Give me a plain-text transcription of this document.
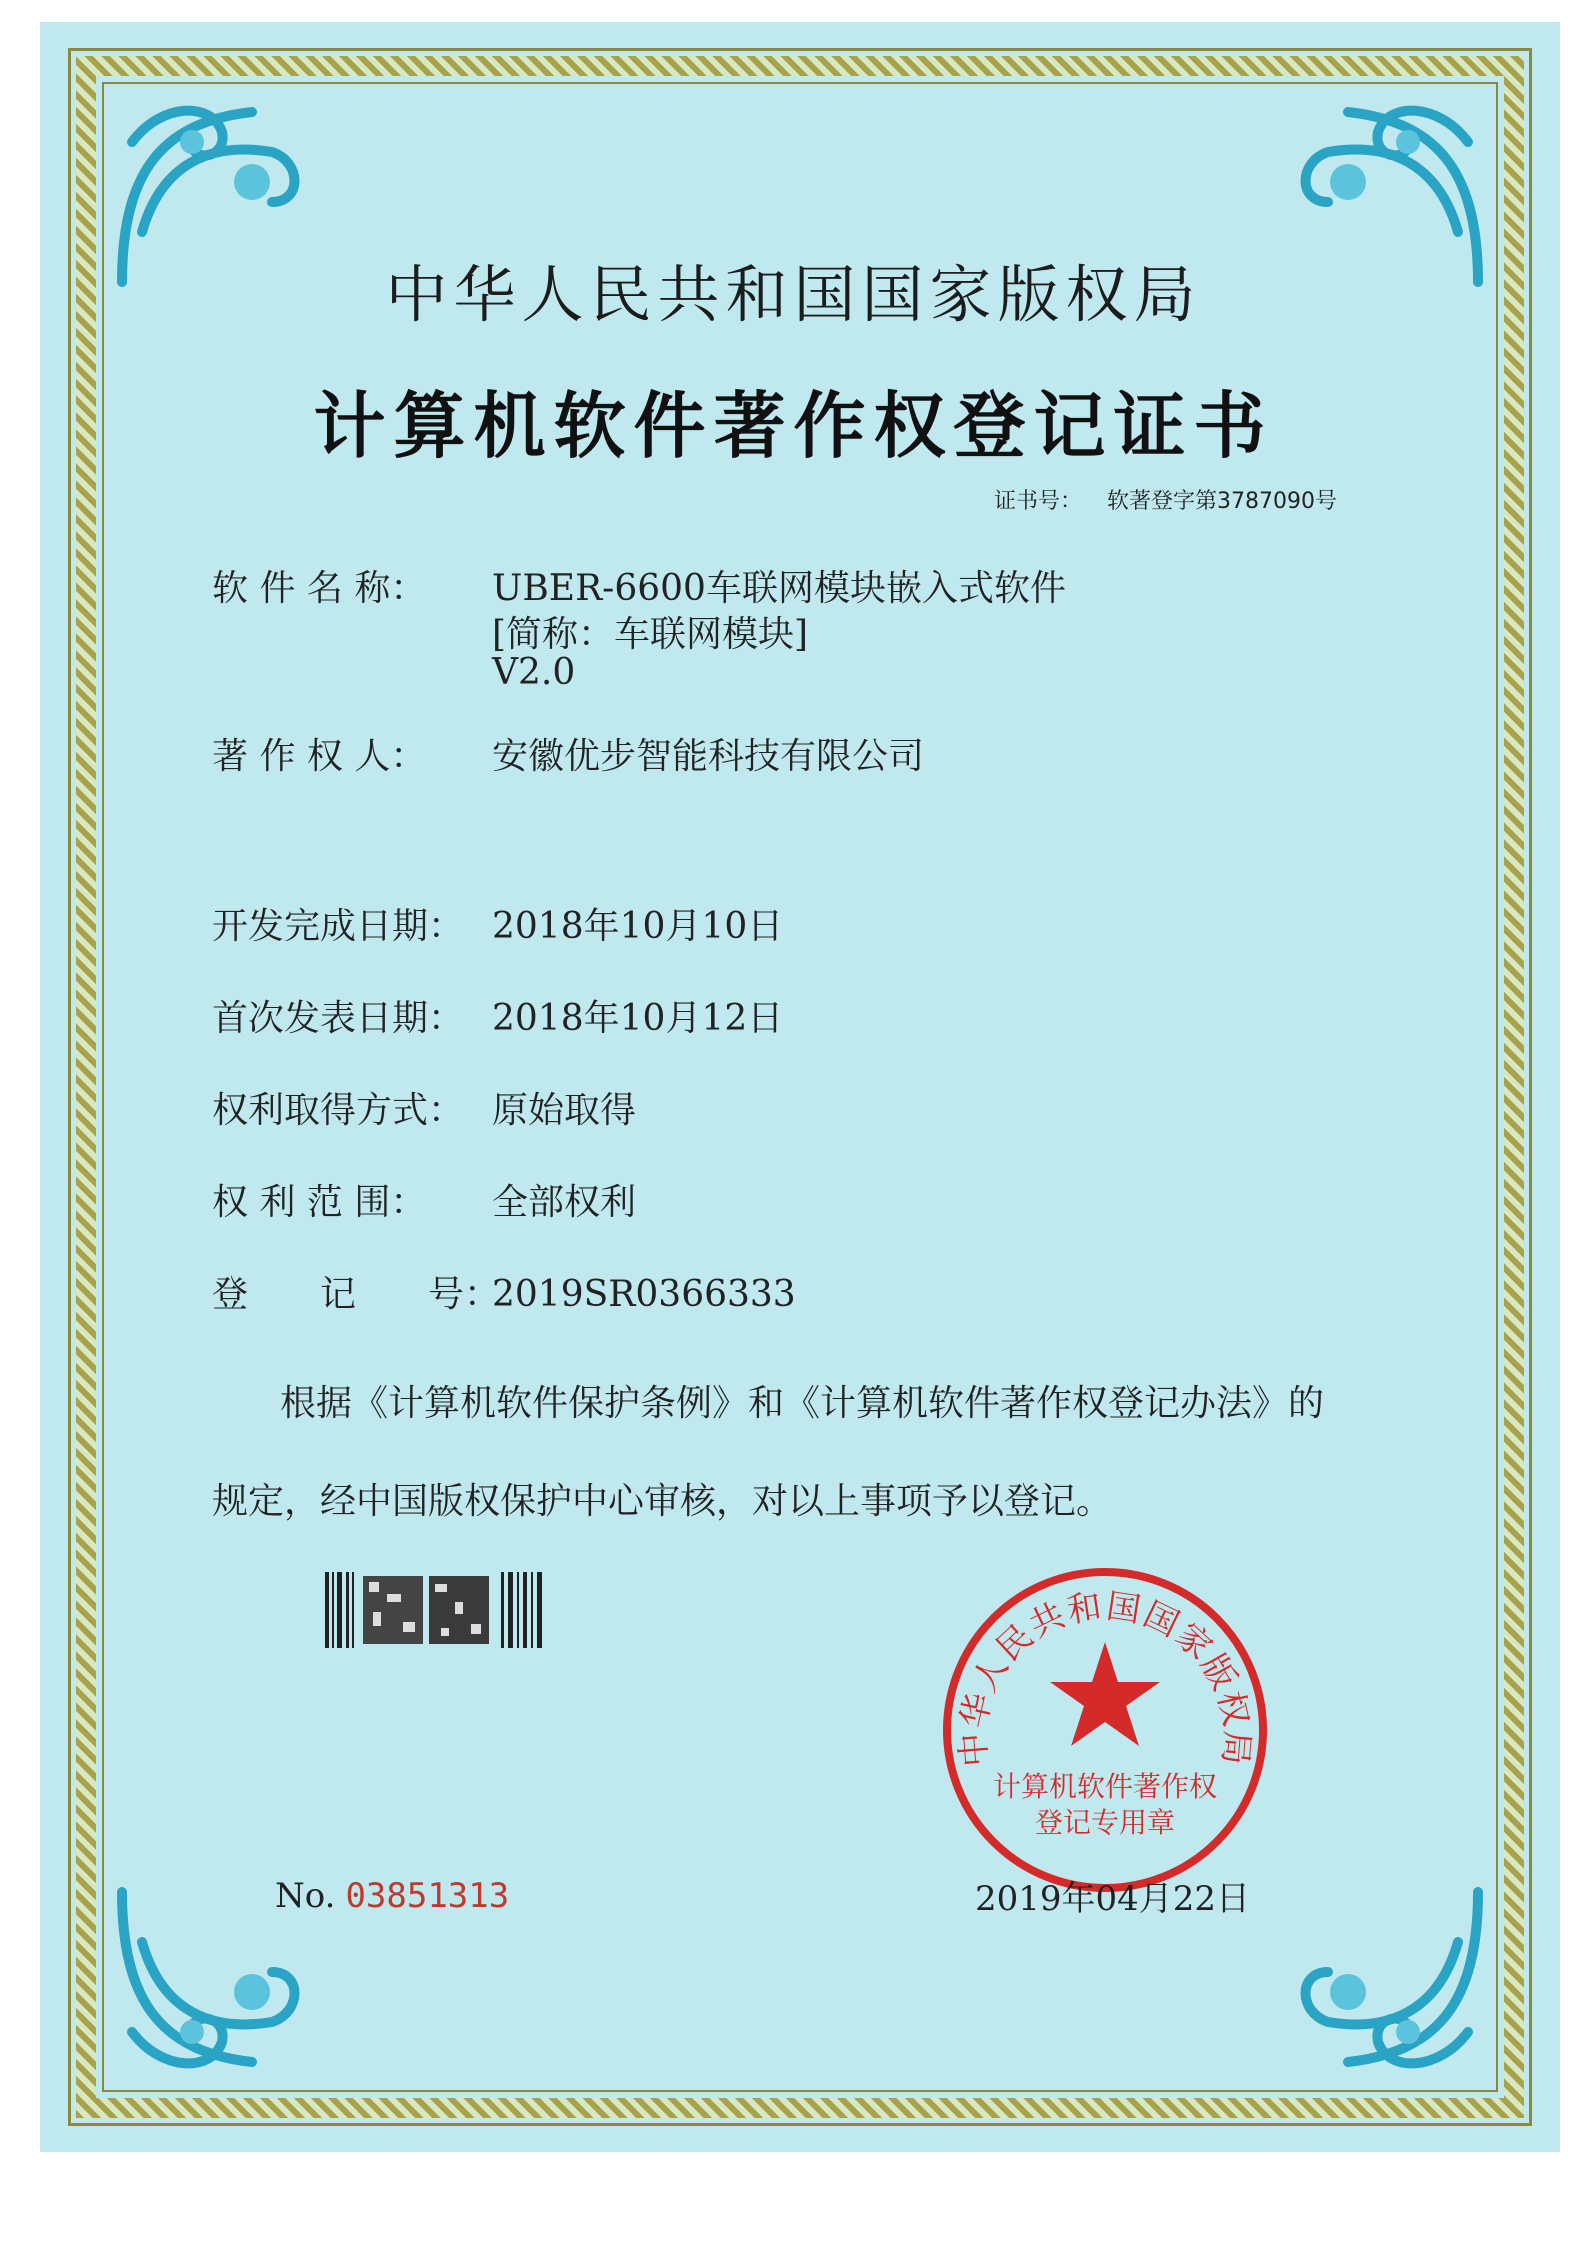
中华人民共和国国家版权局
计算机软件著作权登记证书
证书号： 软著登字第3787090号
软 件 名 称： UBER-6600车联网模块嵌入式软件
[简称：车联网模块]
V2.0
著 作 权 人： 安徽优步智能科技有限公司
开发完成日期： 2018年10月10日
首次发表日期： 2018年10月12日
权利取得方式： 原始取得
权 利 范 围： 全部权利
登　　记　　号：2019SR0366333
根据《计算机软件保护条例》和《计算机软件著作权登记办法》的
规定，经中国版权保护中心审核，对以上事项予以登记。
No. 03851313
中华人民共和国国家版权局
计算机软件著作权
登记专用章
2019年04月22日
